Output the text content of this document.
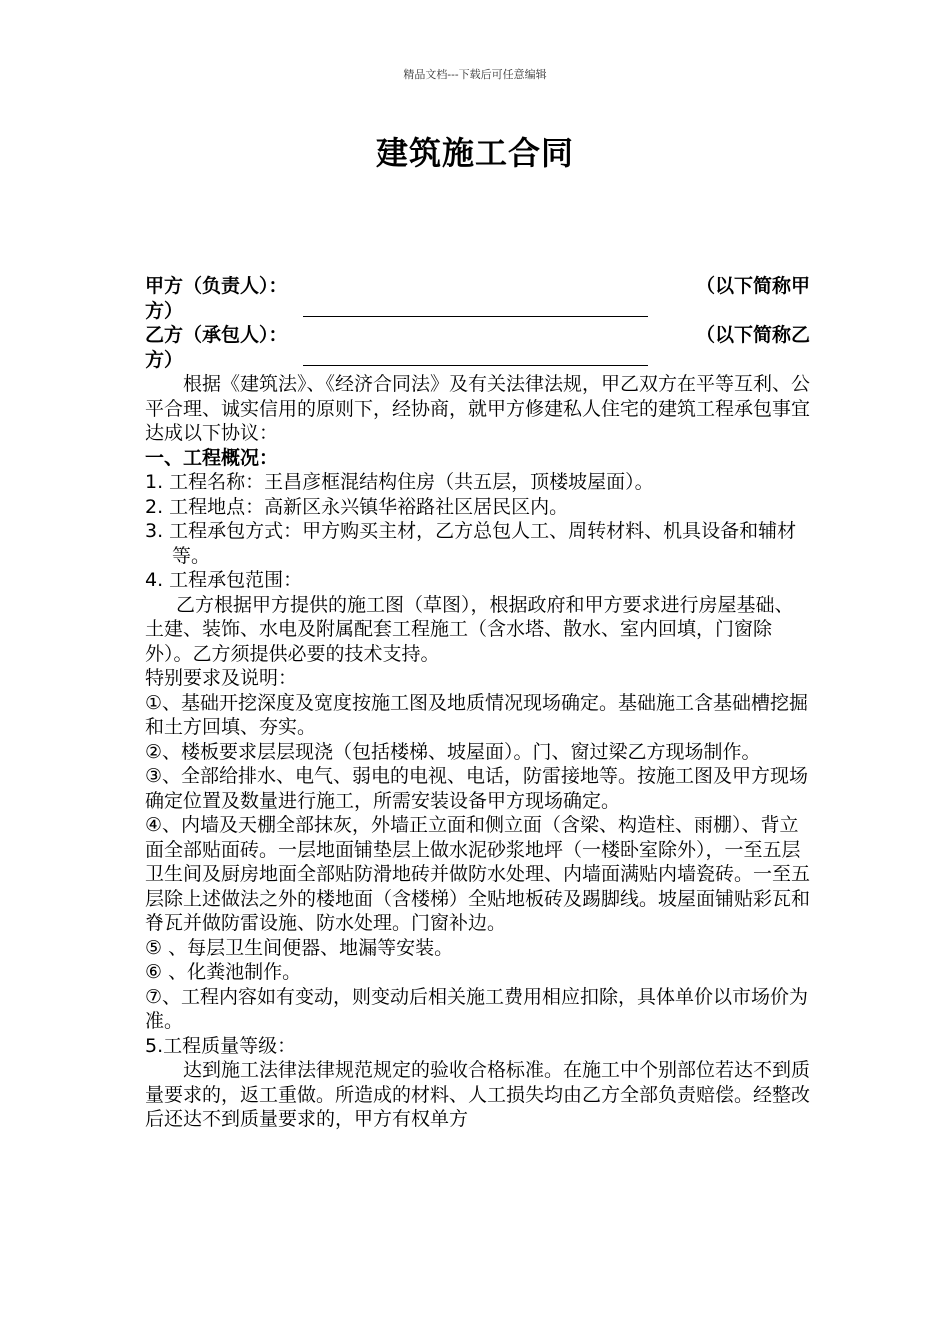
精品文档---下载后可任意编辑
建筑施工合同
甲方（负责人）：	（以下简称甲
方）
乙方（承包人）：	（以下简称乙
方）

根据《建筑法》、《经济合同法》及有关法律法规，甲乙双方在平等互利、公平合理、诚实信用的原则下，经协商，就甲方修建私人住宅的建筑工程承包事宜达成以下协议：

一、工程概况：

1. 工程名称：王昌彦框混结构住房（共五层，顶楼坡屋面）。

2. 工程地点：高新区永兴镇华裕路社区居民区内。

3. 工程承包方式：甲方购买主材，乙方总包人工、周转材料、机具设备和辅材等。

4. 工程承包范围：

乙方根据甲方提供的施工图（草图），根据政府和甲方要求进行房屋基础、土建、装饰、水电及附属配套工程施工（含水塔、散水、室内回填，门窗除外）。乙方须提供必要的技术支持。

特别要求及说明：

①、基础开挖深度及宽度按施工图及地质情况现场确定。基础施工含基础槽挖掘和土方回填、夯实。

②、楼板要求层层现浇（包括楼梯、坡屋面）。门、窗过梁乙方现场制作。

③、全部给排水、电气、弱电的电视、电话，防雷接地等。按施工图及甲方现场确定位置及数量进行施工，所需安装设备甲方现场确定。

④、内墙及天棚全部抹灰，外墙正立面和侧立面（含梁、构造柱、雨棚）、背立面全部贴面砖。一层地面铺垫层上做水泥砂浆地坪（一楼卧室除外），一至五层卫生间及厨房地面全部贴防滑地砖并做防水处理、内墙面满贴内墙瓷砖。一至五层除上述做法之外的楼地面（含楼梯）全贴地板砖及踢脚线。坡屋面铺贴彩瓦和脊瓦并做防雷设施、防水处理。门窗补边。

⑤ 、每层卫生间便器、地漏等安装。

⑥ 、化粪池制作。

⑦、工程内容如有变动，则变动后相关施工费用相应扣除，具体单价以市场价为准。

5.工程质量等级：

达到施工法律法律规范规定的验收合格标准。在施工中个别部位若达不到质量要求的，返工重做。所造成的材料、人工损失均由乙方全部负责赔偿。经整改后还达不到质量要求的，甲方有权单方
